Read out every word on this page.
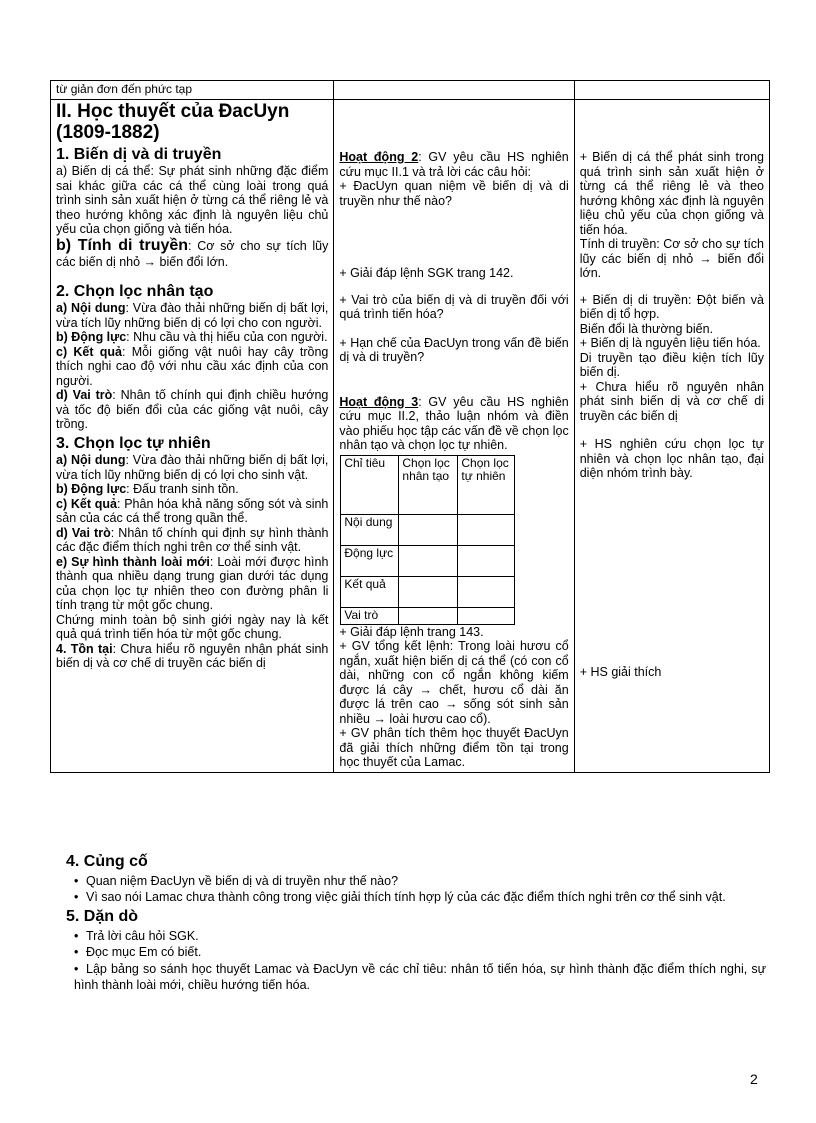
từ giản đơn đến phức tạp		

II. Học thuyết của ĐacUyn (1809-1882)
1. Biến dị và di truyền

a) Biến dị cá thể: Sự phát sinh những đặc điểm sai khác giữa các cá thể cùng loài trong quá trình sinh sản xuất hiện ở từng cá thể riêng lẻ và theo hướng không xác định là nguyên liệu chủ yếu của chọn giống và tiến hóa.

b) Tính di truyền: Cơ sở cho sự tích lũy các biến dị nhỏ → biến đổi lớn.

2. Chọn lọc nhân tạo

a) Nội dung: Vừa đào thải những biến dị bất lợi, vừa tích lũy những biến dị có lợi cho con người.

b) Động lực: Nhu cầu và thị hiếu của con người.

c) Kết quả: Mỗi giống vật nuôi hay cây trồng thích nghi cao độ với nhu cầu xác định của con người.

d) Vai trò: Nhân tố chính qui định chiều hướng và tốc độ biến đổi của các giống vật nuôi, cây trồng.

3. Chọn lọc tự nhiên

a) Nội dung: Vừa đào thải những biến dị bất lợi, vừa tích lũy những biến dị có lợi cho sinh vật.

b) Động lực: Đấu tranh sinh tồn.

c) Kết quả: Phân hóa khả năng sống sót và sinh sản của các cá thể trong quần thể.

d) Vai trò: Nhân tố chính qui định sự hình thành các đặc điểm thích nghi trên cơ thể sinh vật.

e) Sự hình thành loài mới: Loài mới được hình thành qua nhiều dạng trung gian dưới tác dụng của chọn lọc tự nhiên theo con đường phân li tính trạng từ một gốc chung.

Chứng minh toàn bộ sinh giới ngày nay là kết quả quá trình tiến hóa từ một gốc chung.

4. Tồn tại: Chưa hiểu rõ nguyên nhận phát sinh biến dị và cơ chế di truyền các biến dị

Hoạt động 2: GV yêu cầu HS nghiên cứu mục II.1 và trả lời các câu hỏi:

+ ĐacUyn quan niệm về biến dị và di truyền như thế nào?

+ Giải đáp lệnh SGK trang 142.

+ Vai trò của biến dị và di truyền đối với quá trình tiến hóa?

+ Hạn chế của ĐacUyn trong vấn đề biến dị và di truyền?

Hoạt động 3: GV yêu cầu HS nghiên cứu mục II.2, thảo luận nhóm và điền vào phiếu học tập các vấn đề về chọn lọc nhân tạo và chọn lọc tự nhiên.

Chỉ tiêu	Chọn lọc nhân tạo	Chọn lọc tự nhiên
Nội dung		
Động lực		
Kết quả		
Vai trò		

+ Giải đáp lệnh trang 143.

+ GV tổng kết lệnh: Trong loài hươu cổ ngắn, xuất hiện biến dị cá thể (có con cổ dài, những con cổ ngắn không kiếm được lá cây → chết, hươu cổ dài ăn được lá trên cao → sống sót sinh sản nhiều → loài hươu cao cổ).

+ GV phân tích thêm học thuyết ĐacUyn đã giải thích những điểm tồn tại trong học thuyết của Lamac.

+ Biến dị cá thể phát sinh trong quá trình sinh sản xuất hiện ở từng cá thể riêng lẻ và theo hướng không xác định là nguyên liệu chủ yếu của chọn giống và tiến hóa.

Tính di truyền: Cơ sở cho sự tích lũy các biến dị nhỏ → biến đổi lớn.

+ Biến dị di truyền: Đột biến và biến dị tổ hợp.

Biến đổi là thường biến.

+ Biến dị là nguyên liệu tiến hóa.

Di truyền tạo điều kiện tích lũy biến dị.

+ Chưa hiểu rõ nguyên nhân phát sinh biến dị và cơ chế di truyền các biến dị

+ HS nghiên cứu chọn lọc tự nhiên và chọn lọc nhân tạo, đại diện nhóm trình bày.

+ HS giải thích

4. Củng cố
• Quan niệm ĐacUyn về biến dị và di truyền như thế nào?
• Vì sao nói Lamac chưa thành công trong việc giải thích tính hợp lý của các đặc điểm thích nghi trên cơ thể sinh vật.
5. Dặn dò
• Trả lời câu hỏi SGK.
• Đọc mục Em có biết.
• Lập bảng so sánh học thuyết Lamac và ĐacUyn về các chỉ tiêu: nhân tố tiến hóa, sự hình thành đặc điểm thích nghi, sự hình thành loài mới, chiều hướng tiến hóa.
2
